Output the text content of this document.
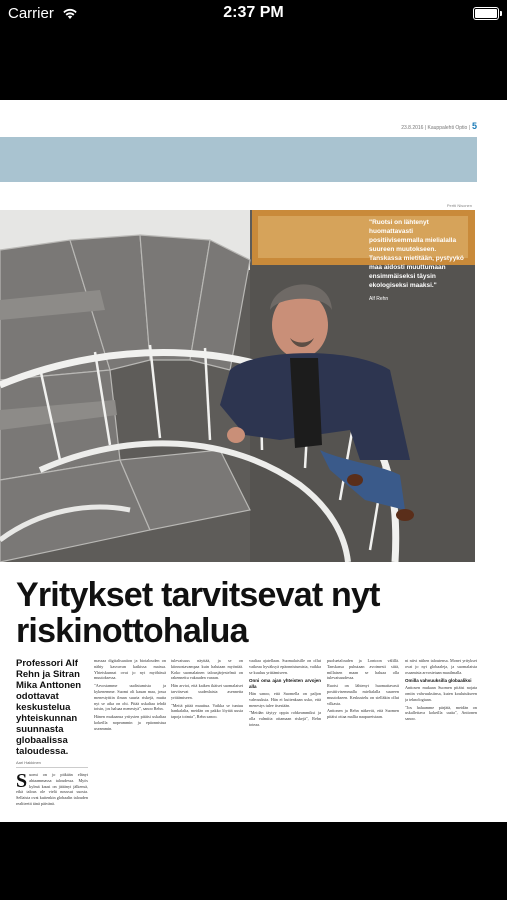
Carrier	2:37 PM
23.8.2016 | Kauppalehti Optio | 5
Pertti Nisonen
"Ruotsi on lähtenyt huomattavasti positiivisemmalla mielialalla suureen muutokseen. Tanskassa mietitään, pystyykö maa aidosti muuttumaan ensimmäiseksi täysin ekologiseksi maaksi."
Alf Rehn
Yritykset tarvitsevat nyt riskinottohalua
Professori Alf Rehn ja Sitran Mika Anttonen odottavat keskustelua yhteiskunnan suunnasta globaalissa taloudessa.
Aari Hakkinen
Suomi on jo pitkään elänyt ahtaammassa taloudessa. Myös kylmä kausi on jättänyt jälkensä, eikä talous ole vielä noussut suosta. Sellaista ovat kuitenkin globaalin talouden realiteetit tänä päivänä.

massaa digitalisaation ja biotalouden on nähty kasvavan kaikissa maissa. Yhteiskunnat ovat jo nyt myöhässä muutoksessa.

"Arvostamme uudistumista ja kykenemme. Suomi oli kauan maa, jossa menestyttiin ilman suuria riskejä, mutta nyt se aika on ohi. Pitää uskaltaa tehdä toisin, jos haluaa menestyä", sanoo Rehn.

Hänen mukaansa yritysten pitäisi uskaltaa kokeilla nopeammin ja epäonnistua useammin.

tulevaisuus näyttää, ja se on kiinnostavampaa kuin halutaan myöntää. Koko suomalainen talousjärjestelmä on rakennettu vakauden varaan.

Hän arvioi, että kaiken ikäiset suomalaiset tarvitsevat uudenlaista asennetta yrittämiseen.

"Meitä pitää muuttua. Vaikka se tuntuu hankalalta, meidän on pakko löytää uusia tapoja toimia", Rehn sanoo.

vaaliaa ajatellaan. Suomalaisille on ollut vaikeaa hyväksyä epäonnistumista, vaikka se kuuluu yrittämiseen.

Onni oma ajan yhteisten arvojen alla

Hän sanoo, että Suomella on paljon vahvuuksia. Hän ei kuitenkaan usko, että menestys tulee itsestään.

"Meidän täytyy oppia rohkeammiksi ja olla valmiita ottamaan riskejä", Rehn toteaa.

puoluetalouden ja Lontoon välillä. Tanskassa puhutaan avoimesti siitä, millaisen maan se haluaa olla tulevaisuudessa.

Ruotsi on lähtenyt huomattavasti positiivisemmalla mielialalla suureen muutokseen. Keskustelu on sielläkin ollut vilkasta.

Anttonen ja Rehn näkevät, että Suomen pitäisi ottaa mallia naapureistaan.

ni niivi niihen taloutensa. Monet yritykset ovat jo nyt globaaleja, ja suomalaista osaamista arvostetaan maailmalla.

Omilla vahvuuksilla globaaliksi

Anttosen mukaan Suomen pitäisi nojata omiin vahvuuksiinsa, kuten koulutukseen ja teknologiaan.

"Jos haluamme pärjätä, meidän on uskallettava kokeilla uutta", Anttonen sanoo.
